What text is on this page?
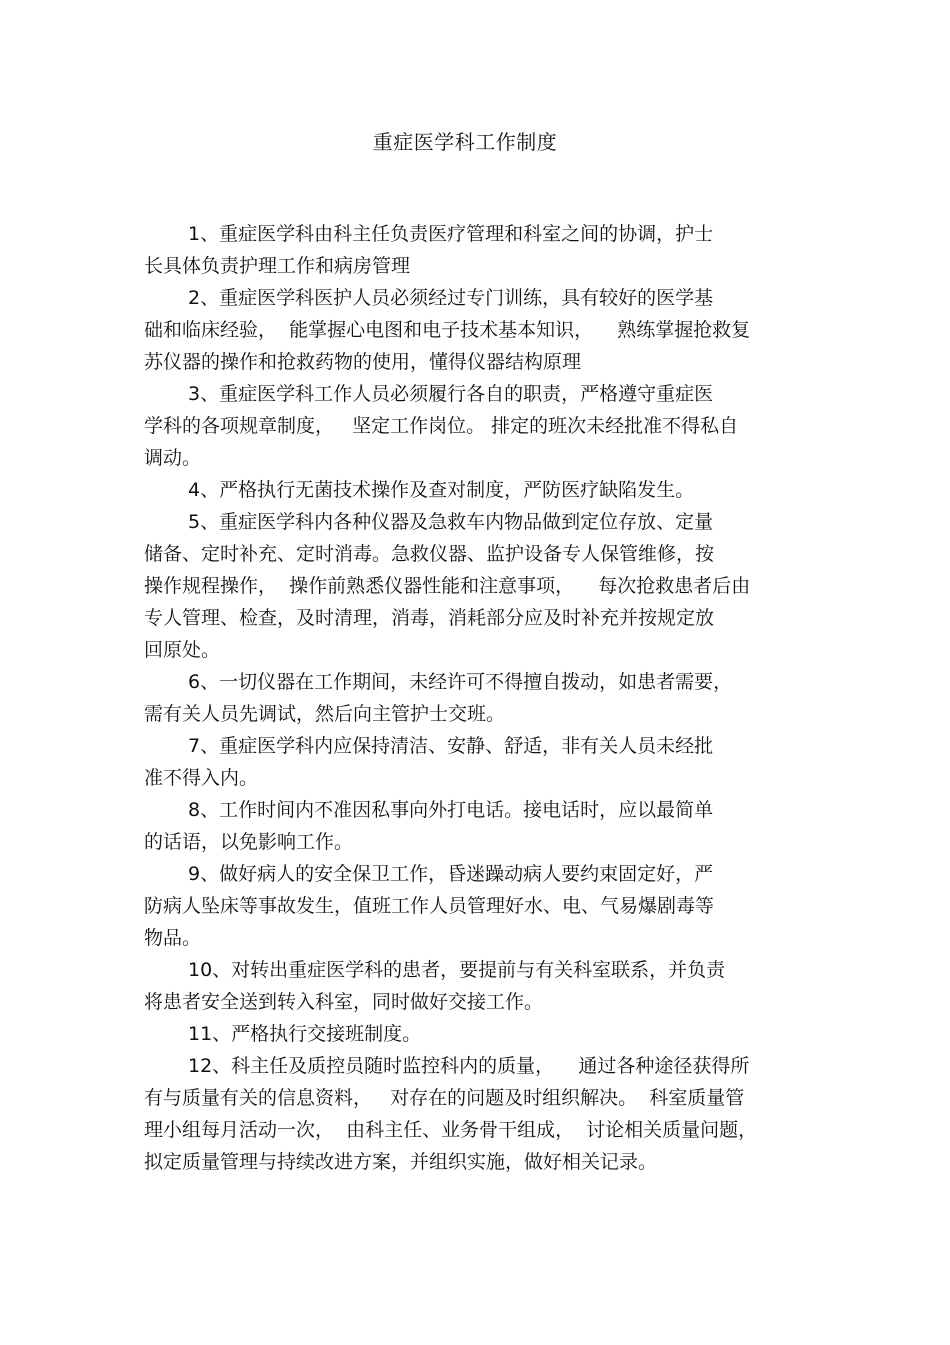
重症医学科工作制度
1、重症医学科由科主任负责医疗管理和科室之间的协调，护士
长具体负责护理工作和病房管理
2、重症医学科医护人员必须经过专门训练，具有较好的医学基
础和临床经验，  能掌握心电图和电子技术基本知识，    熟练掌握抢救复
苏仪器的操作和抢救药物的使用，懂得仪器结构原理
3、重症医学科工作人员必须履行各自的职责，严格遵守重症医
学科的各项规章制度，   坚定工作岗位。 排定的班次未经批准不得私自
调动。
4、严格执行无菌技术操作及查对制度，严防医疗缺陷发生。
5、重症医学科内各种仪器及急救车内物品做到定位存放、定量
储备、定时补充、定时消毒。急救仪器、监护设备专人保管维修，按
操作规程操作，  操作前熟悉仪器性能和注意事项，    每次抢救患者后由
专人管理、检查，及时清理，消毒，消耗部分应及时补充并按规定放
回原处。
6、一切仪器在工作期间，未经许可不得擅自拨动，如患者需要，
需有关人员先调试，然后向主管护士交班。
7、重症医学科内应保持清洁、安静、舒适，非有关人员未经批
准不得入内。
8、工作时间内不准因私事向外打电话。接电话时，应以最简单
的话语，以免影响工作。
9、做好病人的安全保卫工作，昏迷躁动病人要约束固定好，严
防病人坠床等事故发生，值班工作人员管理好水、电、气易爆剧毒等
物品。
10、对转出重症医学科的患者，要提前与有关科室联系，并负责
将患者安全送到转入科室，同时做好交接工作。
11、严格执行交接班制度。
12、科主任及质控员随时监控科内的质量，    通过各种途径获得所
有与质量有关的信息资料，   对存在的问题及时组织解决。  科室质量管
理小组每月活动一次，  由科主任、业务骨干组成，  讨论相关质量问题，
拟定质量管理与持续改进方案，并组织实施，做好相关记录。
